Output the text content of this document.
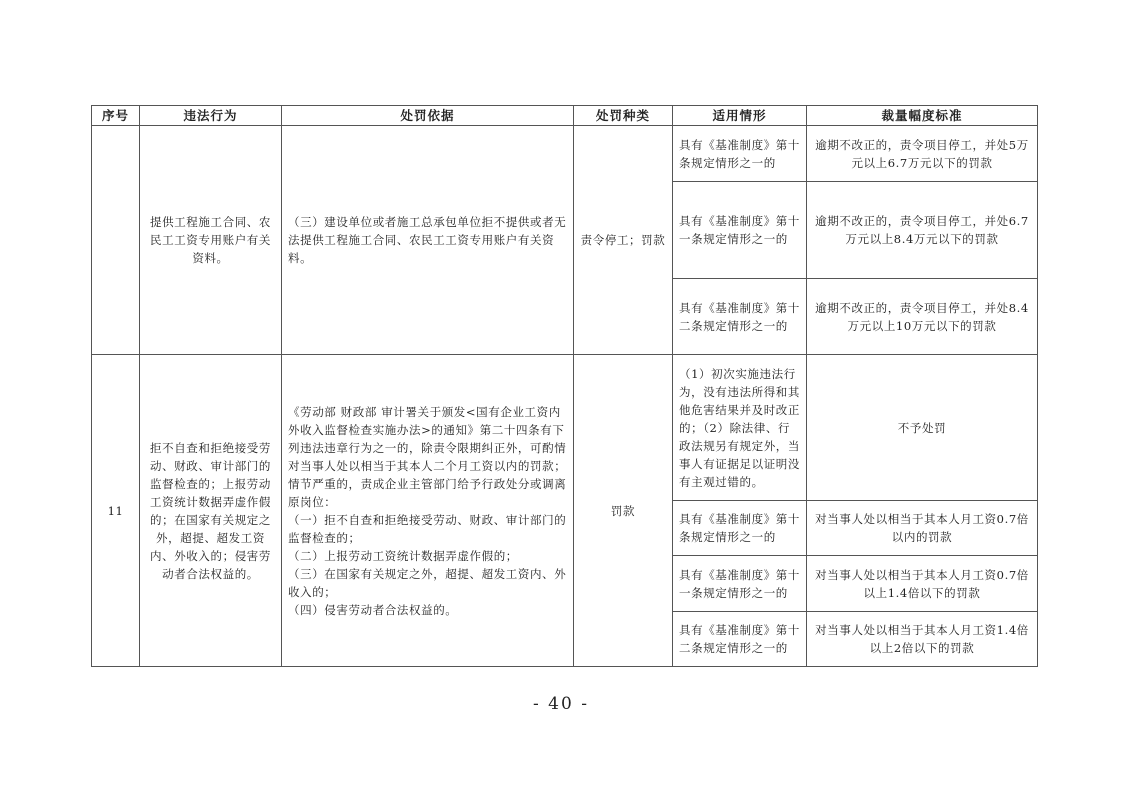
序号	违法行为	处罚依据	处罚种类	适用情形	裁量幅度标准
	提供工程施工合同、农民工工资专用账户有关资料。	（三）建设单位或者施工总承包单位拒不提供或者无法提供工程施工合同、农民工工资专用账户有关资料。	责令停工；罚款	具有《基准制度》第十条规定情形之一的	逾期不改正的，责令项目停工，并处5万元以上6.7万元以下的罚款
				具有《基准制度》第十一条规定情形之一的	逾期不改正的，责令项目停工，并处6.7万元以上8.4万元以下的罚款
				具有《基准制度》第十二条规定情形之一的	逾期不改正的，责令项目停工，并处8.4万元以上10万元以下的罚款
11	拒不自查和拒绝接受劳动、财政、审计部门的监督检查的；上报劳动工资统计数据弄虚作假的；在国家有关规定之外，超提、超发工资内、外收入的；侵害劳动者合法权益的。	《劳动部 财政部 审计署关于颁发<国有企业工资内外收入监督检查实施办法>的通知》第二十四条有下列违法违章行为之一的，除责令限期纠正外，可酌情对当事人处以相当于其本人二个月工资以内的罚款；情节严重的，责成企业主管部门给予行政处分或调离原岗位：
（一）拒不自查和拒绝接受劳动、财政、审计部门的监督检查的；
（二）上报劳动工资统计数据弄虚作假的；
（三）在国家有关规定之外，超提、超发工资内、外收入的；
（四）侵害劳动者合法权益的。	罚款	（1）初次实施违法行为，没有违法所得和其他危害结果并及时改正的；（2）除法律、行政法规另有规定外，当事人有证据足以证明没有主观过错的。	不予处罚
				具有《基准制度》第十条规定情形之一的	对当事人处以相当于其本人月工资0.7倍以内的罚款
				具有《基准制度》第十一条规定情形之一的	对当事人处以相当于其本人月工资0.7倍以上1.4倍以下的罚款
				具有《基准制度》第十二条规定情形之一的	对当事人处以相当于其本人月工资1.4倍以上2倍以下的罚款
- 40 -
